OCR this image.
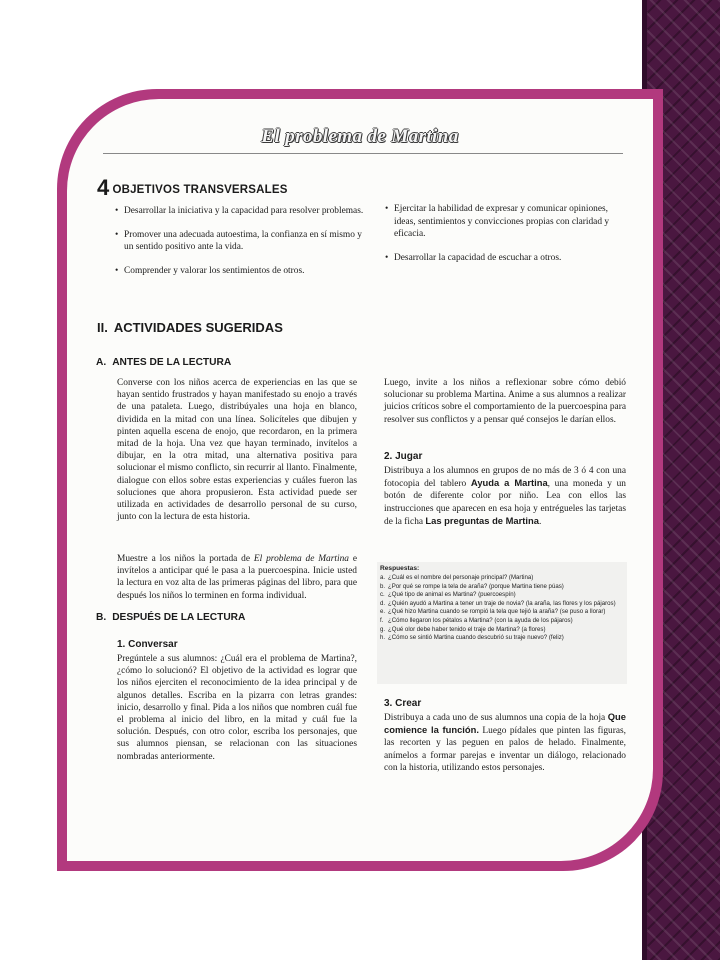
El problema de Martina
4 OBJETIVOS TRANSVERSALES
• Desarrollar la iniciativa y la capacidad para resolver problemas.
• Promover una adecuada autoestima, la confianza en sí mismo y un sentido positivo ante la vida.
• Comprender y valorar los sentimientos de otros.
• Ejercitar la habilidad de expresar y comunicar opiniones, ideas, sentimientos y convicciones propias con claridad y eficacia.
• Desarrollar la capacidad de escuchar a otros.
II. ACTIVIDADES SUGERIDAS
A. ANTES DE LA LECTURA

Converse con los niños acerca de experiencias en las que se hayan sentido frustrados y hayan manifestado su enojo a través de una pataleta. Luego, distribúyales una hoja en blanco, dividida en la mitad con una línea. Solicíteles que dibujen y pinten aquella escena de enojo, que recordaron, en la primera mitad de la hoja. Una vez que hayan terminado, invítelos a dibujar, en la otra mitad, una alternativa positiva para solucionar el mismo conflicto, sin recurrir al llanto. Finalmente, dialogue con ellos sobre estas experiencias y cuáles fueron las soluciones que ahora propusieron. Esta actividad puede ser utilizada en actividades de desarrollo personal de su curso, junto con la lectura de esta historia.

Muestre a los niños la portada de El problema de Martina e invítelos a anticipar qué le pasa a la puercoespina. Inicie usted la lectura en voz alta de las primeras páginas del libro, para que después los niños lo terminen en forma individual.

Luego, invite a los niños a reflexionar sobre cómo debió solucionar su problema Martina. Anime a sus alumnos a realizar juicios críticos sobre el comportamiento de la puercoespina para resolver sus conflictos y a pensar qué consejos le darían ellos.

2. Jugar

Distribuya a los alumnos en grupos de no más de 3 ó 4 con una fotocopia del tablero Ayuda a Martina, una moneda y un botón de diferente color por niño. Lea con ellos las instrucciones que aparecen en esa hoja y entrégueles las tarjetas de la ficha Las preguntas de Martina.

Respuestas:
a. ¿Cuál es el nombre del personaje principal? (Martina)
b. ¿Por qué se rompe la tela de araña? (porque Martina tiene púas)
c. ¿Qué tipo de animal es Martina? (puercoespín)
d. ¿Quién ayudó a Martina a tener un traje de novia? (la araña, las flores y los pájaros)
e. ¿Qué hizo Martina cuando se rompió la tela que tejió la araña? (se puso a llorar)
f. ¿Cómo llegaron los pétalos a Martina? (con la ayuda de los pájaros)
g. ¿Qué olor debe haber tenido el traje de Martina? (a flores)
h. ¿Cómo se sintió Martina cuando descubrió su traje nuevo? (feliz)
B. DESPUÉS DE LA LECTURA
1. Conversar

Pregúntele a sus alumnos: ¿Cuál era el problema de Martina?, ¿cómo lo solucionó? El objetivo de la actividad es lograr que los niños ejerciten el reconocimiento de la idea principal y de algunos detalles. Escriba en la pizarra con letras grandes: inicio, desarrollo y final. Pida a los niños que nombren cuál fue el problema al inicio del libro, en la mitad y cuál fue la solución. Después, con otro color, escriba los personajes, que sus alumnos piensan, se relacionan con las situaciones nombradas anteriormente.

3. Crear

Distribuya a cada uno de sus alumnos una copia de la hoja Que comience la función. Luego pídales que pinten las figuras, las recorten y las peguen en palos de helado. Finalmente, anímelos a formar parejas e inventar un diálogo, relacionado con la historia, utilizando estos personajes.
